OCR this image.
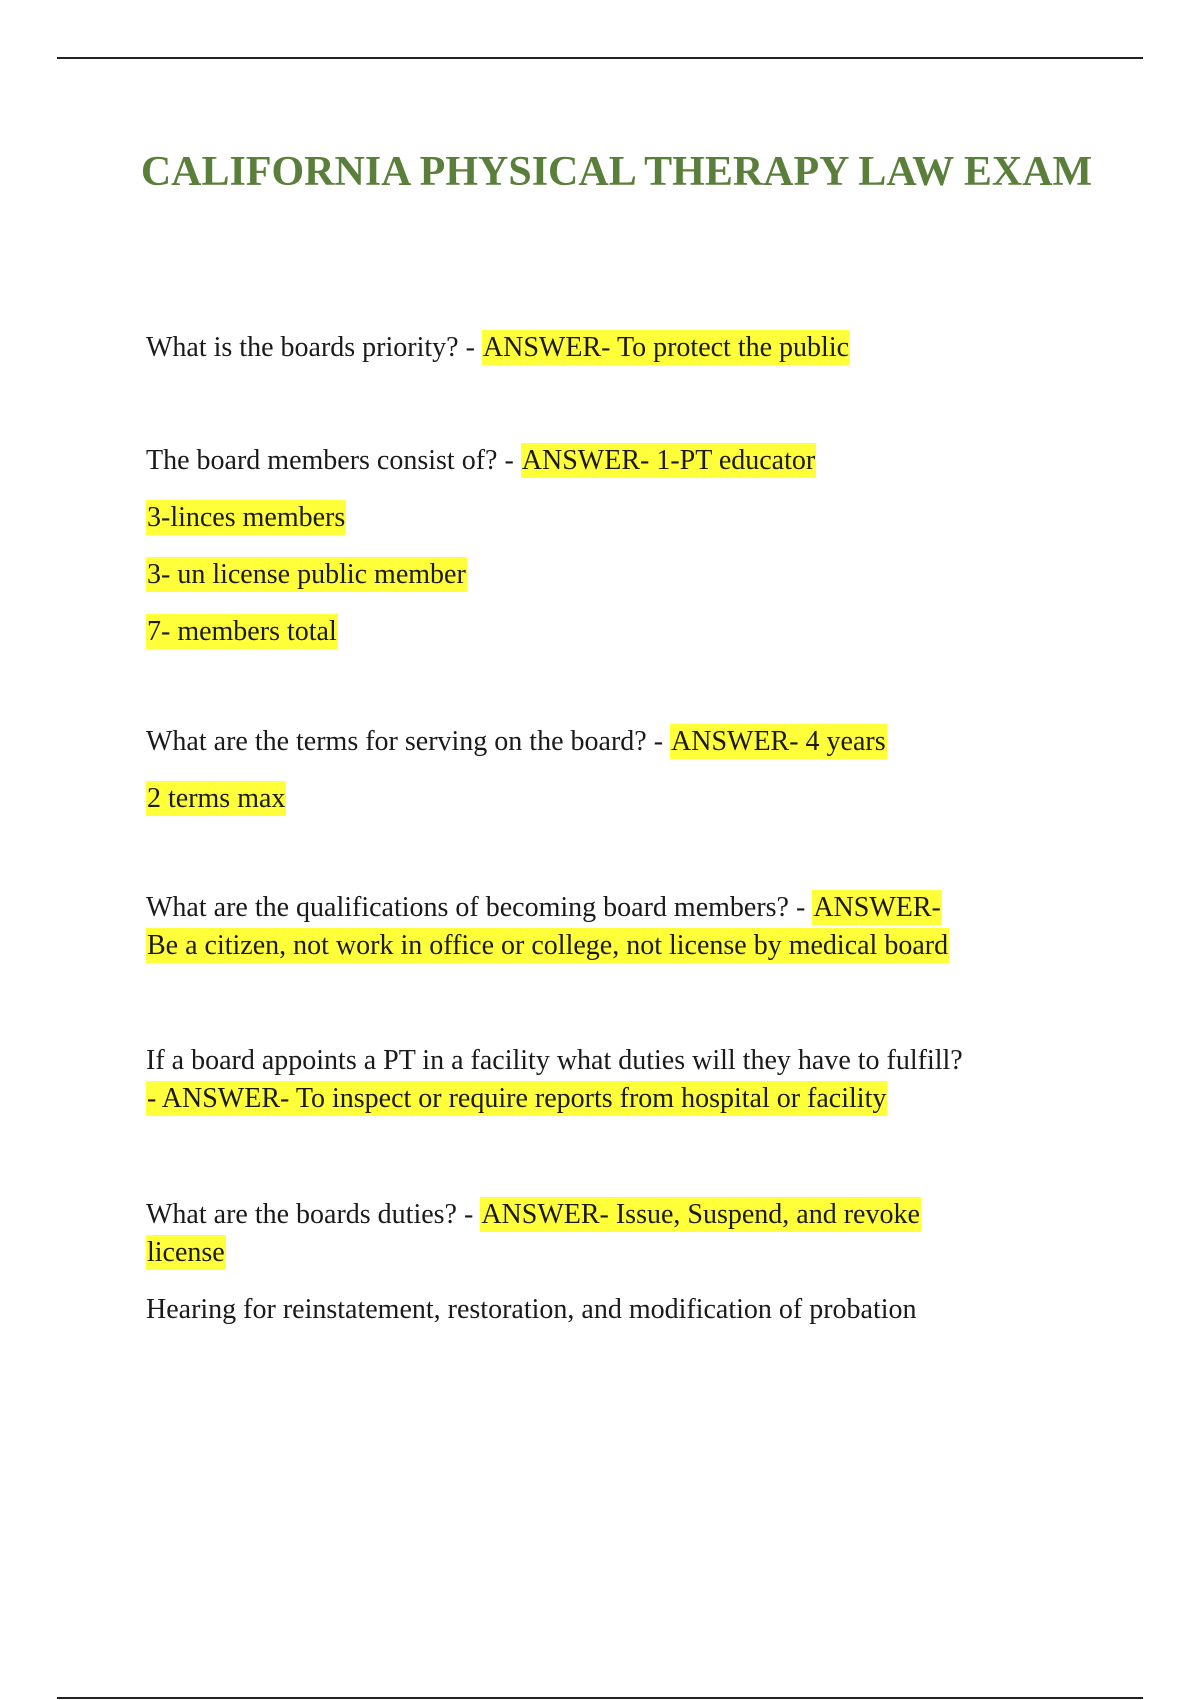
CALIFORNIA PHYSICAL THERAPY LAW EXAM

What is the boards priority? - ANSWER- To protect the public

The board members consist of? - ANSWER- 1-PT educator

3-linces members

3- un license public member

7- members total

What are the terms for serving on the board? - ANSWER- 4 years

2 terms max

What are the qualifications of becoming board members? - ANSWER-

Be a citizen, not work in office or college, not license by medical board

If a board appoints a PT in a facility what duties will they have to fulfill?

- ANSWER- To inspect or require reports from hospital or facility

What are the boards duties? - ANSWER- Issue, Suspend, and revoke

license

Hearing for reinstatement, restoration, and modification of probation
